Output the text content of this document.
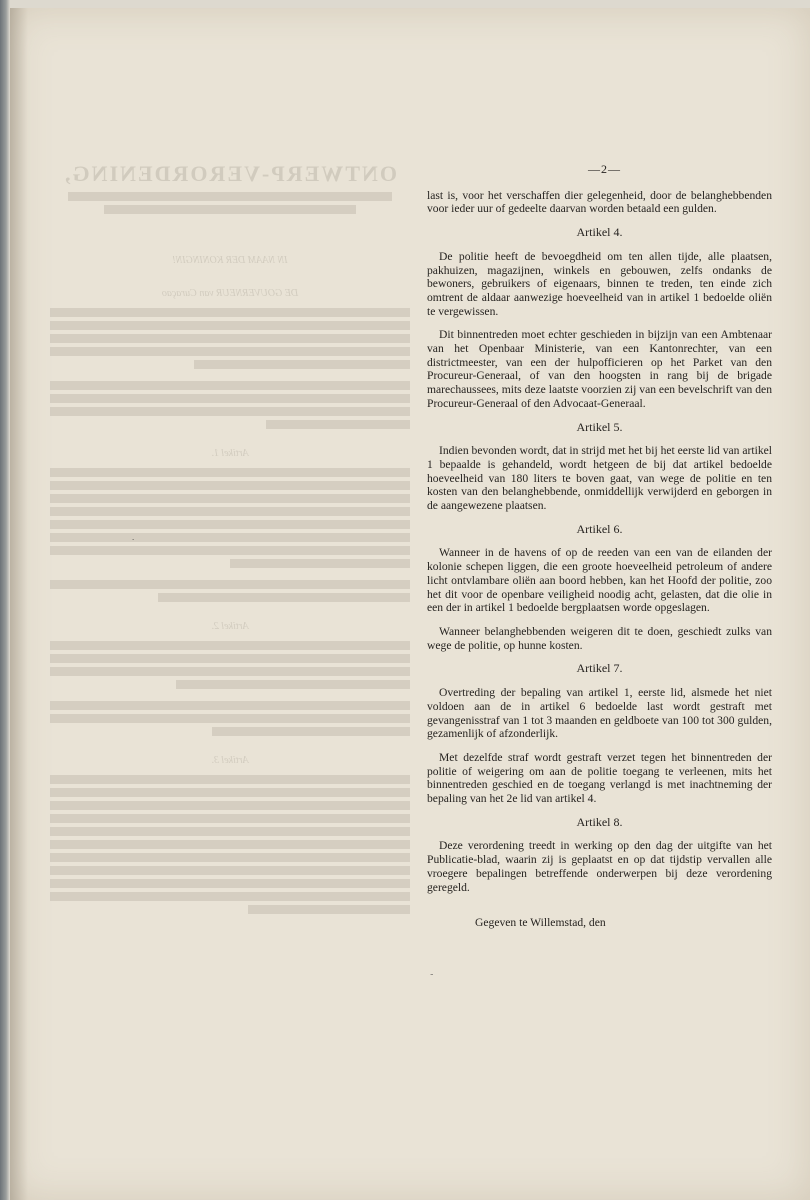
—2—

last is, voor het verschaffen dier gelegenheid, door de belanghebbenden voor ieder uur of gedeelte daarvan worden betaald een gulden.

Artikel 4.

De politie heeft de bevoegdheid om ten allen tijde, alle plaatsen, pakhuizen, magazijnen, winkels en gebouwen, zelfs ondanks de bewoners, gebruikers of eigenaars, binnen te treden, ten einde zich omtrent de aldaar aanwezige hoeveelheid van in artikel 1 bedoelde oliën te vergewissen.

Dit binnentreden moet echter geschieden in bijzijn van een Ambtenaar van het Openbaar Ministerie, van een Kantonrechter, van een districtmeester, van een der hulpofficieren op het Parket van den Procureur-Generaal, of van den hoogsten in rang bij de brigade marechaussees, mits deze laatste voorzien zij van een bevelschrift van den Procureur-Generaal of den Advocaat-Generaal.

Artikel 5.

Indien bevonden wordt, dat in strijd met het bij het eerste lid van artikel 1 bepaalde is gehandeld, wordt hetgeen de bij dat artikel bedoelde hoeveelheid van 180 liters te boven gaat, van wege de politie en ten kosten van den belanghebbende, onmiddellijk verwijderd en geborgen in de aangewezene plaatsen.

Artikel 6.

Wanneer in de havens of op de reeden van een van de eilanden der kolonie schepen liggen, die een groote hoeveelheid petroleum of andere licht ontvlambare oliën aan boord hebben, kan het Hoofd der politie, zoo het dit voor de openbare veiligheid noodig acht, gelasten, dat die olie in een der in artikel 1 bedoelde bergplaatsen worde opgeslagen.

Wanneer belanghebbenden weigeren dit te doen, geschiedt zulks van wege de politie, op hunne kosten.

Artikel 7.

Overtreding der bepaling van artikel 1, eerste lid, alsmede het niet voldoen aan de in artikel 6 bedoelde last wordt gestraft met gevangenisstraf van 1 tot 3 maanden en geldboete van 100 tot 300 gulden, gezamenlijk of afzonderlijk.

Met dezelfde straf wordt gestraft verzet tegen het binnentreden der politie of weigering om aan de politie toegang te verleenen, mits het binnentreden geschied en de toegang verlangd is met inachtneming der bepaling van het 2e lid van artikel 4.

Artikel 8.

Deze verordening treedt in werking op den dag der uitgifte van het Publicatie-blad, waarin zij is geplaatst en op dat tijdstip vervallen alle vroegere bepalingen betreffende onderwerpen bij deze verordening geregeld.

Gegeven te Willemstad, den

˜
·
